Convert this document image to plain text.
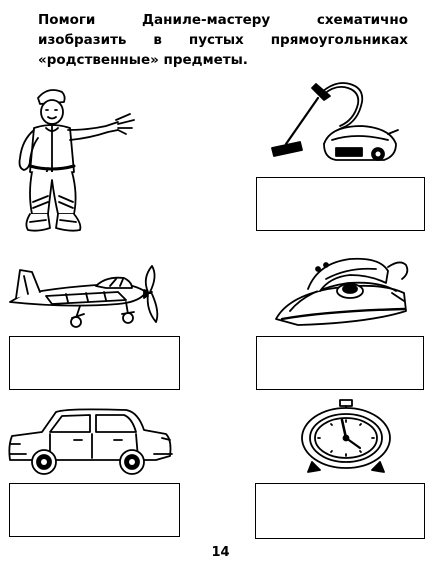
Помоги Даниле-мастеру схематично изобразить в пустых прямоугольниках «родственные» предметы.
14
